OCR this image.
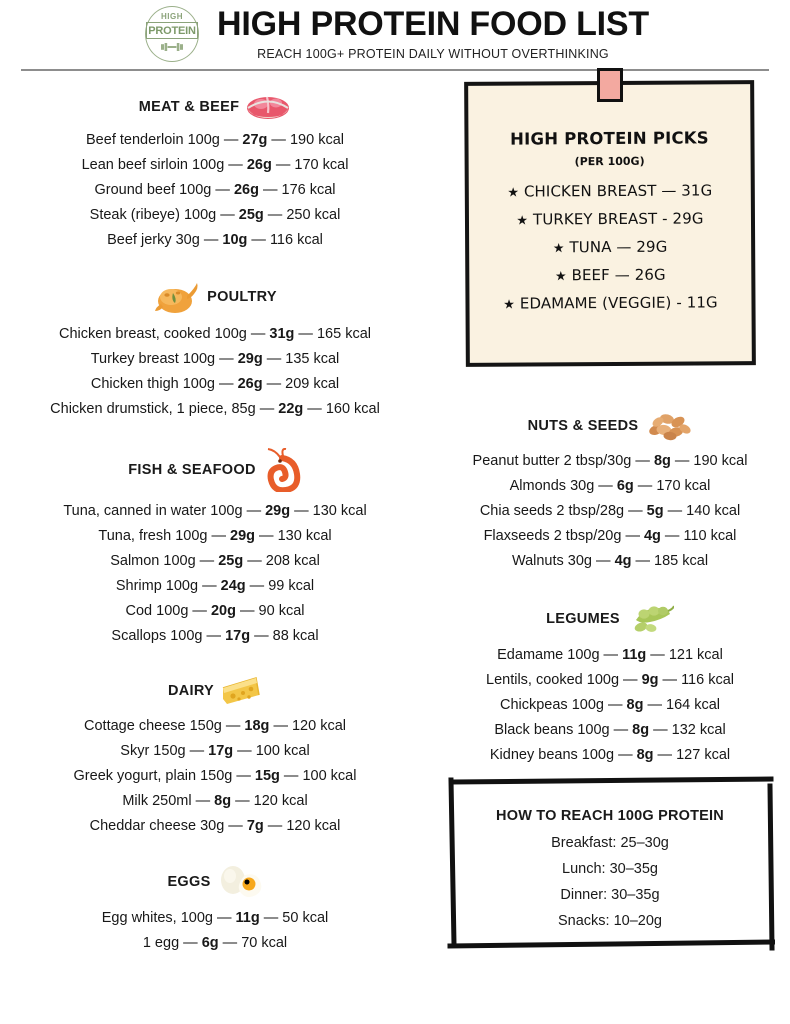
HIGH
PROTEIN HIGH PROTEIN FOOD LIST
REACH 100G+ PROTEIN DAILY WITHOUT OVERTHINKING
MEAT & BEEF
Beef tenderloin 100g — 27g — 190 kcal
Lean beef sirloin 100g — 26g — 170 kcal
Ground beef 100g — 26g — 176 kcal
Steak (ribeye) 100g — 25g — 250 kcal
Beef jerky 30g — 10g — 116 kcal
POULTRY
Chicken breast, cooked 100g — 31g — 165 kcal
Turkey breast 100g — 29g — 135 kcal
Chicken thigh 100g — 26g — 209 kcal
Chicken drumstick, 1 piece, 85g — 22g — 160 kcal
FISH & SEAFOOD
Tuna, canned in water 100g — 29g — 130 kcal
Tuna, fresh 100g — 29g — 130 kcal
Salmon 100g — 25g — 208 kcal
Shrimp 100g — 24g — 99 kcal
Cod 100g — 20g — 90 kcal
Scallops 100g — 17g — 88 kcal
DAIRY
Cottage cheese 150g — 18g — 120 kcal
Skyr 150g — 17g — 100 kcal
Greek yogurt, plain 150g — 15g — 100 kcal
Milk 250ml — 8g — 120 kcal
Cheddar cheese 30g — 7g — 120 kcal
EGGS
Egg whites, 100g — 11g — 50 kcal
1 egg — 6g — 70 kcal
HIGH PROTEIN PICKS
(PER 100G)
★ CHICKEN BREAST — 31G
★ TURKEY BREAST - 29G
★ TUNA — 29G
★ BEEF — 26G
★ EDAMAME (VEGGIE) - 11G
NUTS & SEEDS
Peanut butter 2 tbsp/30g — 8g — 190 kcal
Almonds 30g — 6g — 170 kcal
Chia seeds 2 tbsp/28g — 5g — 140 kcal
Flaxseeds 2 tbsp/20g — 4g — 110 kcal
Walnuts 30g — 4g — 185 kcal
LEGUMES
Edamame 100g — 11g — 121 kcal
Lentils, cooked 100g — 9g — 116 kcal
Chickpeas 100g — 8g — 164 kcal
Black beans 100g — 8g — 132 kcal
Kidney beans 100g — 8g — 127 kcal
HOW TO REACH 100G PROTEIN
Breakfast: 25–30g
Lunch: 30–35g
Dinner: 30–35g
Snacks: 10–20g
